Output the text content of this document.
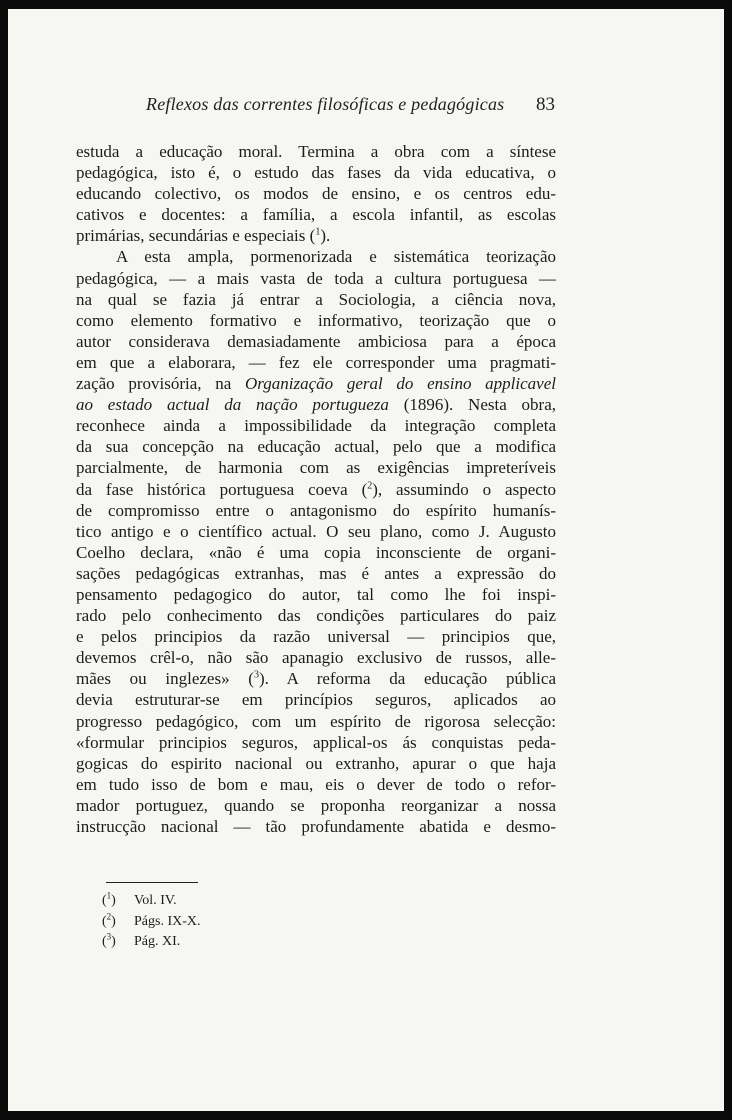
Reflexos das correntes filosóficas e pedagógicas 83
estuda a educação moral. Termina a obra com a síntese
pedagógica, isto é, o estudo das fases da vida educativa, o
educando colectivo, os modos de ensino, e os centros edu-
cativos e docentes: a família, a escola infantil, as escolas
primárias, secundárias e especiais ($^1$).
A esta ampla, pormenorizada e sistemática teorização
pedagógica, — a mais vasta de toda a cultura portuguesa —
na qual se fazia já entrar a Sociologia, a ciência nova,
como elemento formativo e informativo, teorização que o
autor considerava demasiadamente ambiciosa para a época
em que a elaborara, — fez ele corresponder uma pragmati-
zação provisória, na Organização geral do ensino applicavel
ao estado actual da nação portugueza (1896). Nesta obra,
reconhece ainda a impossibilidade da integração completa
da sua concepção na educação actual, pelo que a modifica
parcialmente, de harmonia com as exigências impreteríveis
da fase histórica portuguesa coeva ($^2$), assumindo o aspecto
de compromisso entre o antagonismo do espírito humanís-
tico antigo e o científico actual. O seu plano, como J. Augusto
Coelho declara, «não é uma copia inconsciente de organi-
sações pedagógicas extranhas, mas é antes a expressão do
pensamento pedagogico do autor, tal como lhe foi inspi-
rado pelo conhecimento das condições particulares do paiz
e pelos principios da razão universal — principios que,
devemos crêl-o, não são apanagio exclusivo de russos, alle-
mães ou inglezes» ($^3$). A reforma da educação pública
devia estruturar-se em princípios seguros, aplicados ao
progresso pedagógico, com um espírito de rigorosa selecção:
«formular principios seguros, applical-os ás conquistas peda-
gogicas do espirito nacional ou extranho, apurar o que haja
em tudo isso de bom e mau, eis o dever de todo o refor-
mador portuguez, quando se proponha reorganizar a nossa
instrucção nacional — tão profundamente abatida e desmo-
($^1$) Vol. IV.
($^2$) Págs. IX-X.
($^3$) Pág. XI.
